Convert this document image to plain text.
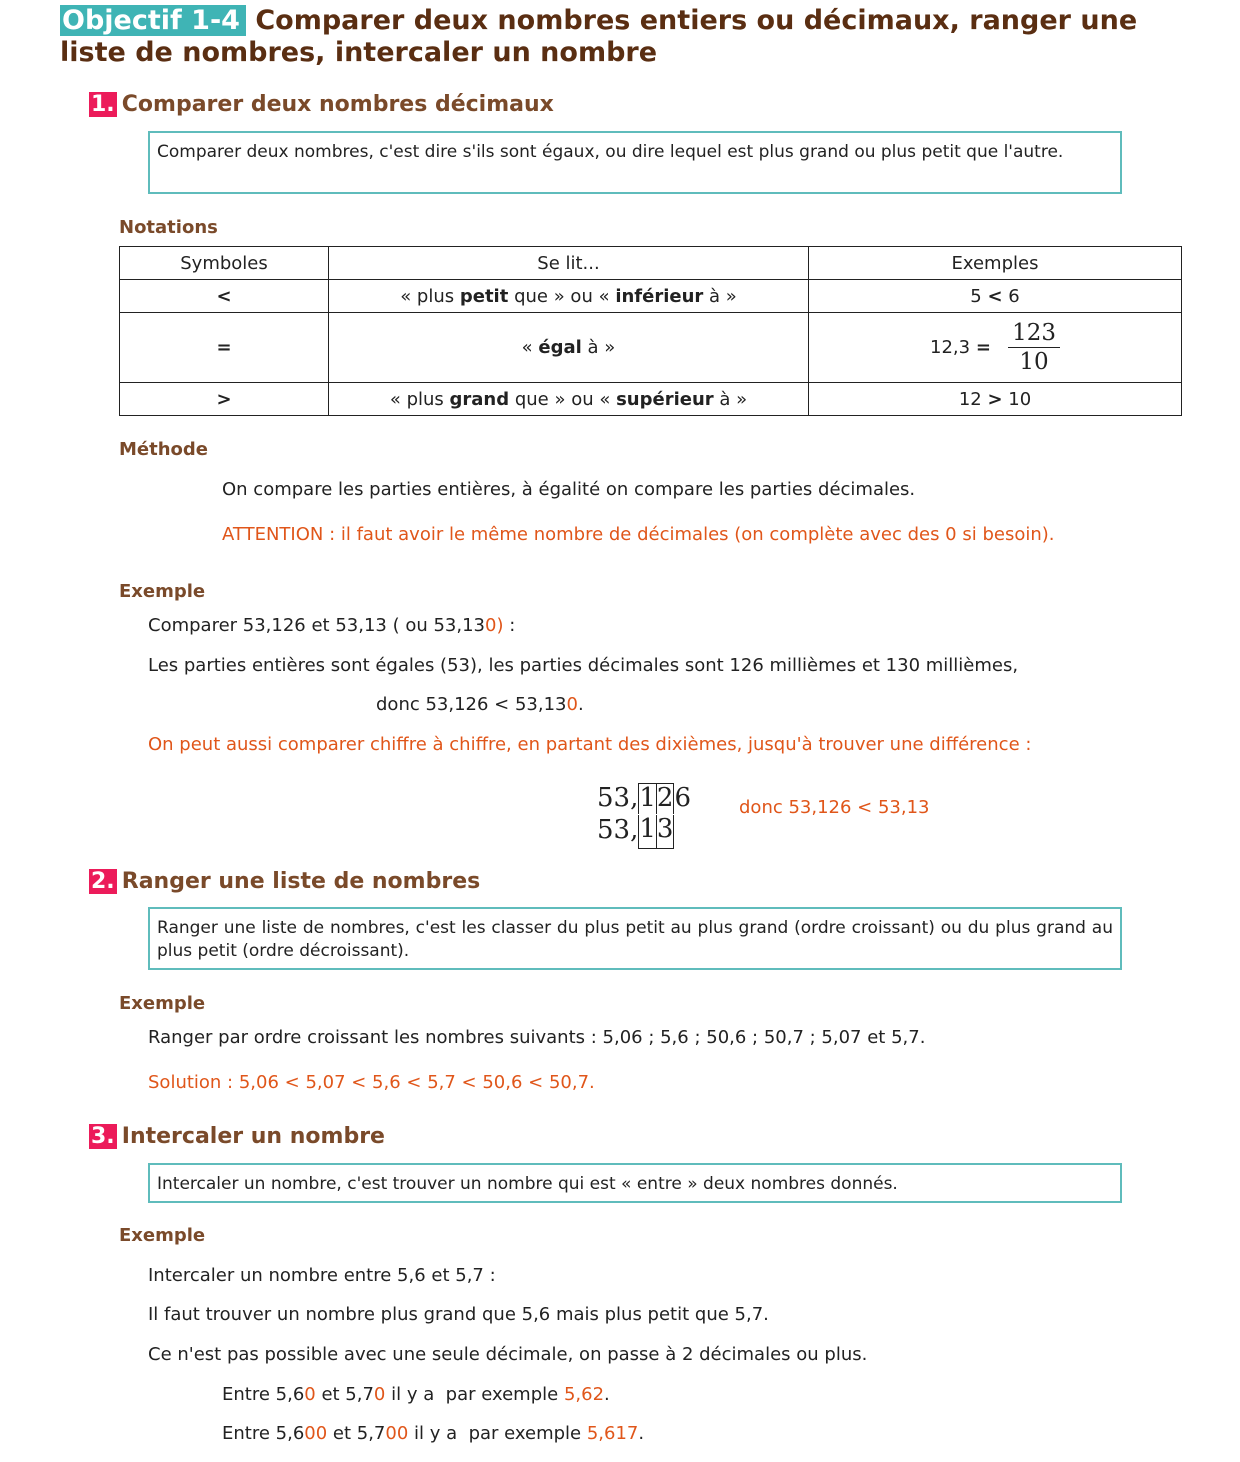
Objectif 1-4 Comparer deux nombres entiers ou décimaux, ranger une
liste de nombres, intercaler un nombre
1. Comparer deux nombres décimaux
Comparer deux nombres, c'est dire s'ils sont égaux, ou dire lequel est plus grand ou plus petit que l'autre.
Notations
Symboles	Se lit...	Exemples
<	« plus petit que » ou « inférieur à »	5 < 6
=	« égal à »	$12,3 = \frac{123}{10}$

>	« plus grand que » ou « supérieur à »	12 > 10
Méthode
On compare les parties entières, à égalité on compare les parties décimales.
ATTENTION : il faut avoir le même nombre de décimales (on complète avec des 0 si besoin).
Exemple
Comparer 53,126 et 53,13 ( ou 53,130) :
Les parties entières sont égales (53), les parties décimales sont 126 millièmes et 130 millièmes,
donc 53,126 < 53,130.
On peut aussi comparer chiffre à chiffre, en partant des dixièmes, jusqu'à trouver une différence :
53,126
53,13
donc 53,126 < 53,13
2. Ranger une liste de nombres
Ranger une liste de nombres, c'est les classer du plus petit au plus grand (ordre croissant) ou du plus grand au plus petit (ordre décroissant).
Exemple
Ranger par ordre croissant les nombres suivants : 5,06 ; 5,6 ; 50,6 ; 50,7 ; 5,07 et 5,7.
Solution : 5,06 < 5,07 < 5,6 < 5,7 < 50,6 < 50,7.
3. Intercaler un nombre
Intercaler un nombre, c'est trouver un nombre qui est « entre » deux nombres donnés.
Exemple
Intercaler un nombre entre 5,6 et 5,7 :
Il faut trouver un nombre plus grand que 5,6 mais plus petit que 5,7.
Ce n'est pas possible avec une seule décimale, on passe à 2 décimales ou plus.
Entre 5,60 et 5,70 il y a  par exemple 5,62.
Entre 5,600 et 5,700 il y a  par exemple 5,617.
